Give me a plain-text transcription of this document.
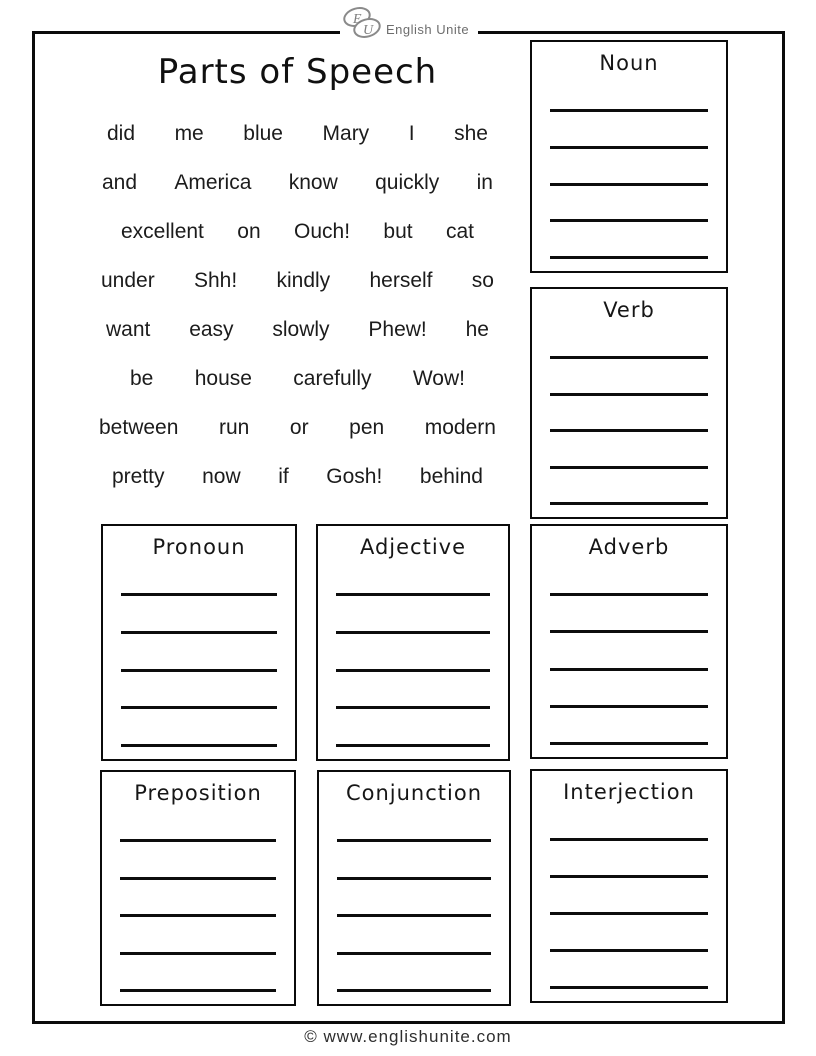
E
U English Unite
Parts of Speech
did me blue Mary I she
and America know quickly in
excellent on Ouch! but cat
under Shh! kindly herself so
want easy slowly Phew! he
be house carefully Wow!
between run or pen modern
pretty now if Gosh! behind
Noun
Verb
Pronoun	Adjective	Adverb
Preposition	Conjunction	Interjection
© www.englishunite.com
